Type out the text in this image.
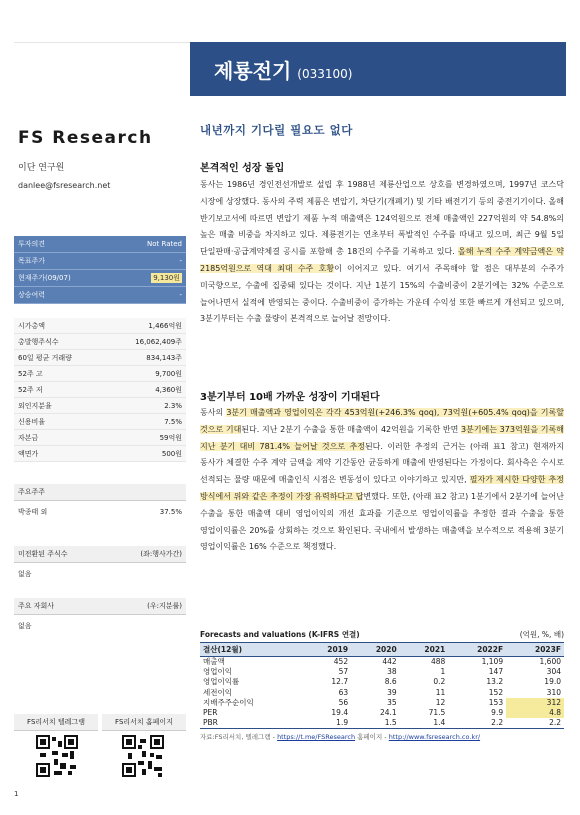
제룡전기 (033100)
FS Research
이단 연구원
danlee@fsresearch.net
투자의견	Not Rated
목표주가	-
현재주가(09/07)	9,130원
상승여력	-
시가총액	1,466억원
총발행주식수	16,062,409주
60일 평균 거래량	834,143주
52주 고	9,700원
52주 저	4,360원
외인지분율	2.3%
신용비율	7.5%
자본금	59억원
액면가	500원
주요주주
박종태 외	37.5%
미전환된 주식수	(좌:행사가간)
없음
주요 자회사	(우:지분률)
없음
FS리서치 텔레그램	FS리서치 홈페이지
내년까지 기다릴 필요도 없다
본격적인 성장 돌입
동사는 1986년 경인전선개발로 설립 후 1988년 제룡산업으로 상호를 변경하였으며, 1997년 코스닥 시장에 상장했다. 동사의 주력 제품은 변압기, 차단기(개폐기) 및 기타 배전기기 등의 중전기기이다. 올해 반기보고서에 따르면 변압기 제품 누적 매출액은 124억원으로 전체 매출액인 227억원의 약 54.8%의 높은 매출 비중을 차지하고 있다. 제룡전기는 연초부터 폭발적인 수주를 따내고 있으며, 최근 9월 5일 단일판매·공급계약체결 공시를 포함해 총 18건의 수주를 기록하고 있다. 올해 누적 수주 계약금액은 약 2185억원으로 역대 최대 수주 호황이 이어지고 있다. 여기서 주목해야 할 점은 대부분의 수주가 미국향으로, 수출에 집중돼 있다는 것이다. 지난 1분기 15%의 수출비중이 2분기에는 32% 수준으로 늘어나면서 실적에 반영되는 중이다. 수출비중이 증가하는 가운데 수익성 또한 빠르게 개선되고 있으며, 3분기부터는 수출 물량이 본격적으로 늘어날 전망이다.
3분기부터 10배 가까운 성장이 기대된다
동사의 3분기 매출액과 영업이익은 각각 453억원(+246.3% qoq), 73억원(+605.4% qoq)을 기록할 것으로 기대된다. 지난 2분기 수출을 통한 매출액이 42억원을 기록한 반면 3분기에는 373억원을 기록해 지난 분기 대비 781.4% 늘어날 것으로 추정된다. 이러한 추정의 근거는 (아래 표1 참고) 현재까지 동사가 체결한 수주 계약 금액을 계약 기간동안 균등하게 매출에 반영된다는 가정이다. 회사측은 수시로 선적되는 물량 때문에 매출인식 시점은 변동성이 있다고 이야기하고 있지만, 필자가 제시한 다양한 추정 방식에서 위와 같은 추정이 가장 유력하다고 답변했다. 또한, (아래 표2 참고) 1분기에서 2분기에 늘어난 수출을 통한 매출액 대비 영업이익의 개선 효과를 기준으로 영업이익률을 추정한 결과 수출을 통한 영업이익률은 20%를 상회하는 것으로 확인된다. 국내에서 발생하는 매출액을 보수적으로 적용해 3분기 영업이익률은 16% 수준으로 책정했다.
Forecasts and valuations (K-IFRS 연결)	(억원, %, 배)
결산(12월)	2019	2020	2021	2022F	2023F
매출액	452	442	488	1,109	1,600
영업이익	57	38	1	147	304
영업이익률	12.7	8.6	0.2	13.2	19.0
세전이익	63	39	11	152	310
지배주주순이익	56	35	12	153	312
PER	19.4	24.1	71.5	9.9	4.8
PBR	1.9	1.5	1.4	2.2	2.2
자료:FS리서치, 텔레그램 - https://t.me/FSResearch 홈페이지 - http://www.fsresearch.co.kr/
1
